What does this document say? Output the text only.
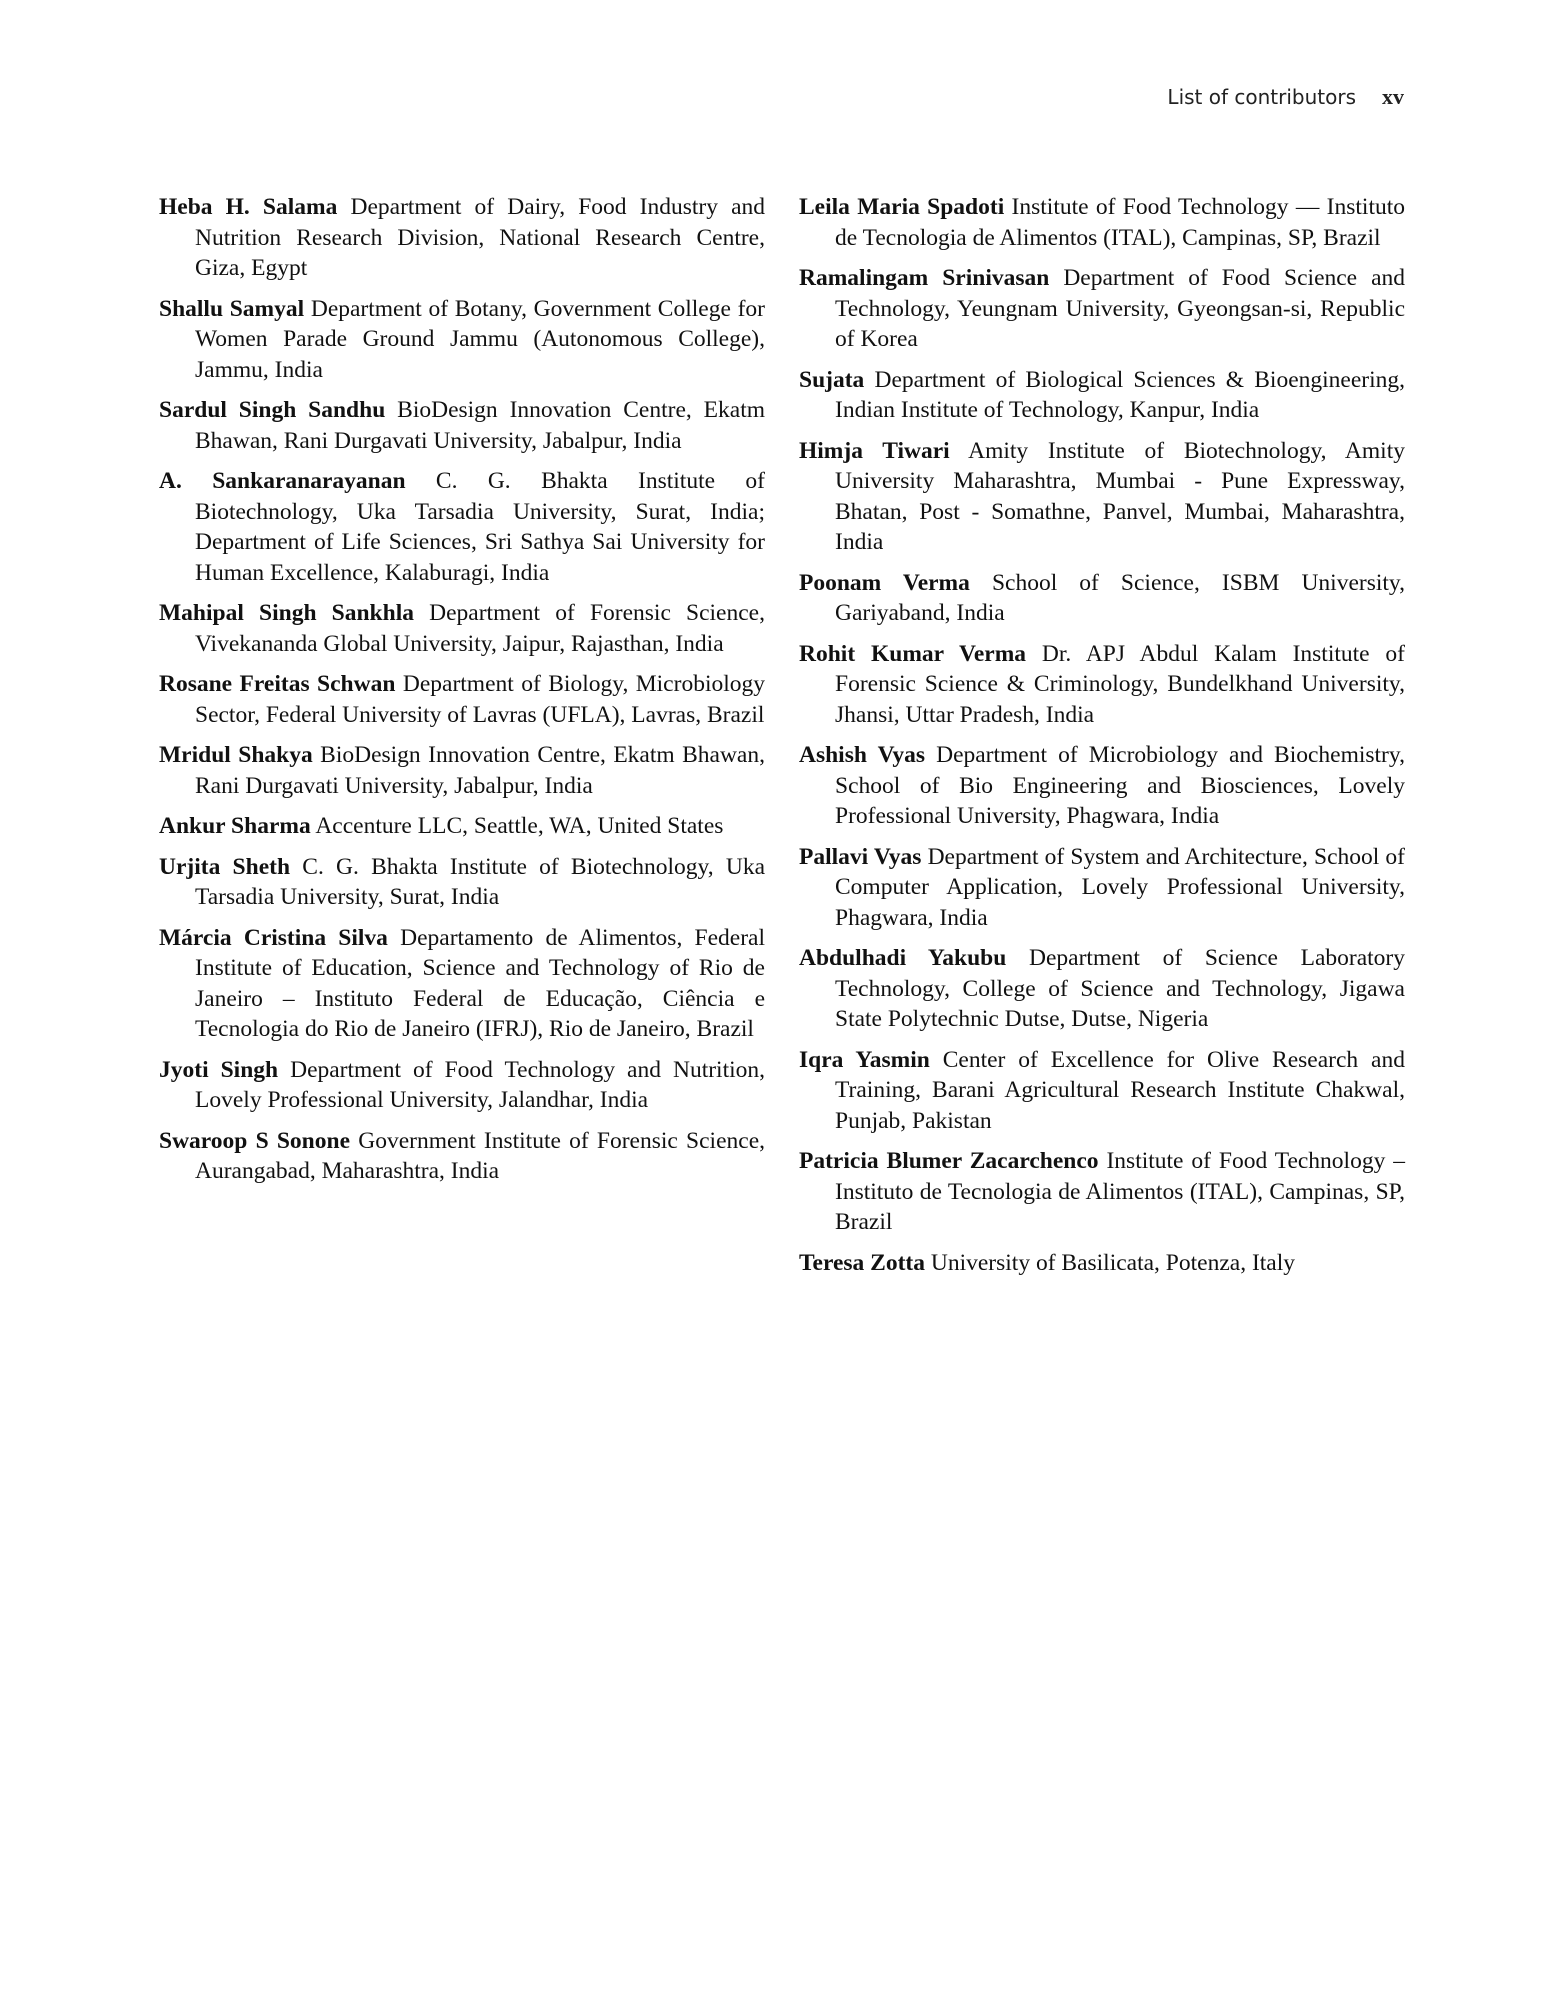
List of contributors xv

Heba H. Salama Department of Dairy, Food Industry and Nutrition Research Division, National Research Centre, Giza, Egypt

Shallu Samyal Department of Botany, Government College for Women Parade Ground Jammu (Autonomous College), Jammu, India

Sardul Singh Sandhu BioDesign Innovation Centre, Ekatm Bhawan, Rani Durgavati University, Jabalpur, India

A. Sankaranarayanan C. G. Bhakta Institute of Biotechnology, Uka Tarsadia University, Surat, India; Department of Life Sciences, Sri Sathya Sai University for Human Excellence, Kalaburagi, India

Mahipal Singh Sankhla Department of Forensic Science, Vivekananda Global University, Jaipur, Rajasthan, India

Rosane Freitas Schwan Department of Biology, Microbiology Sector, Federal University of Lavras (UFLA), Lavras, Brazil

Mridul Shakya BioDesign Innovation Centre, Ekatm Bhawan, Rani Durgavati University, Jabalpur, India

Ankur Sharma Accenture LLC, Seattle, WA, United States

Urjita Sheth C. G. Bhakta Institute of Biotechnology, Uka Tarsadia University, Surat, India

Márcia Cristina Silva Departamento de Alimentos, Federal Institute of Education, Science and Technology of Rio de Janeiro – Instituto Federal de Educação, Ciência e Tecnologia do Rio de Janeiro (IFRJ), Rio de Janeiro, Brazil

Jyoti Singh Department of Food Technology and Nutrition, Lovely Professional University, Jalandhar, India

Swaroop S Sonone Government Institute of Forensic Science, Aurangabad, Maharashtra, India

Leila Maria Spadoti Institute of Food Technology — Instituto de Tecnologia de Alimentos (ITAL), Campinas, SP, Brazil

Ramalingam Srinivasan Department of Food Science and Technology, Yeungnam University, Gyeongsan-si, Republic of Korea

Sujata Department of Biological Sciences & Bioengineering, Indian Institute of Technology, Kanpur, India

Himja Tiwari Amity Institute of Biotechnology, Amity University Maharashtra, Mumbai - Pune Expressway, Bhatan, Post - Somathne, Panvel, Mumbai, Maharashtra, India

Poonam Verma School of Science, ISBM University, Gariyaband, India

Rohit Kumar Verma Dr. APJ Abdul Kalam Institute of Forensic Science & Criminology, Bundelkhand University, Jhansi, Uttar Pradesh, India

Ashish Vyas Department of Microbiology and Biochemistry, School of Bio Engineering and Biosciences, Lovely Professional University, Phagwara, India

Pallavi Vyas Department of System and Architecture, School of Computer Application, Lovely Professional University, Phagwara, India

Abdulhadi Yakubu Department of Science Laboratory Technology, College of Science and Technology, Jigawa State Polytechnic Dutse, Dutse, Nigeria

Iqra Yasmin Center of Excellence for Olive Research and Training, Barani Agricultural Research Institute Chakwal, Punjab, Pakistan

Patricia Blumer Zacarchenco Institute of Food Technology – Instituto de Tecnologia de Alimentos (ITAL), Campinas, SP, Brazil

Teresa Zotta University of Basilicata, Potenza, Italy
